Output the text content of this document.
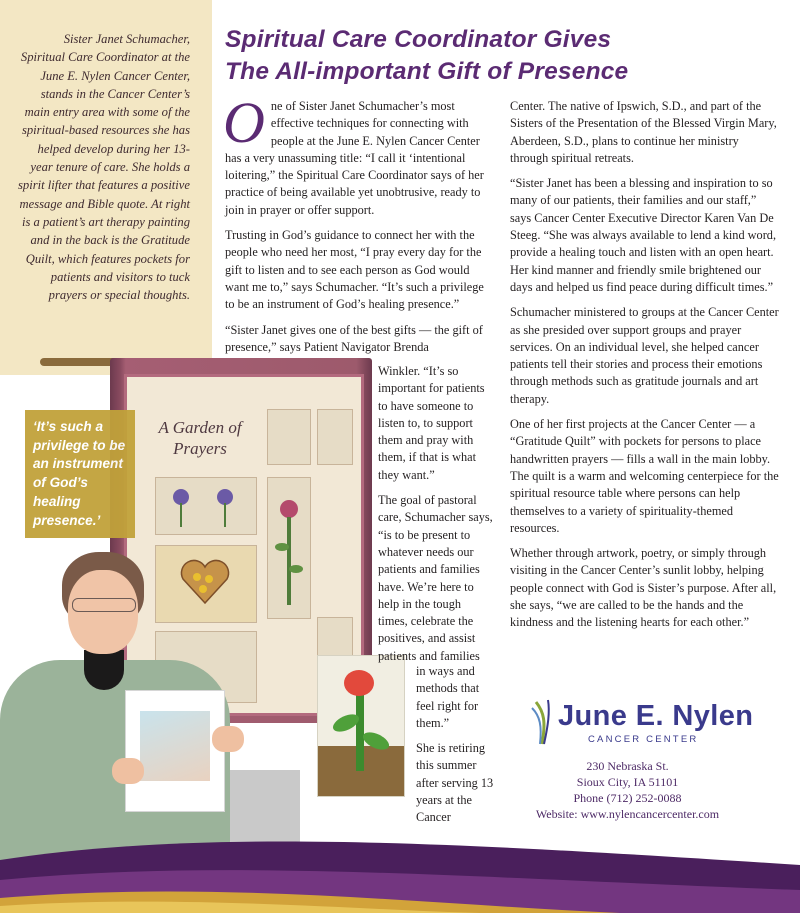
Sister Janet Schumacher, Spiritual Care Coordinator at the June E. Nylen Cancer Center, stands in the Cancer Center’s main entry area with some of the spiritual-based resources she has helped develop during her 13-year tenure of care. She holds a spirit lifter that features a positive message and Bible quote. At right is a patient’s art therapy painting and in the back is the Gratitude Quilt, which features pockets for patients and visitors to tuck prayers or special thoughts.
Spiritual Care Coordinator Gives
The All-important Gift of Presence
A Garden of Prayers
‘It’s such a privilege to be an instrument of God’s healing presence.’

One of Sister Janet Schumacher’s most effective techniques for connecting with people at the June E. Nylen Cancer Center has a very unassuming title: “I call it ‘intentional loitering,” the Spiritual Care Coordinator says of her practice of being available yet unobtrusive, ready to join in prayer or offer support.

Trusting in God’s guidance to connect her with the people who need her most, “I pray every day for the gift to listen and to see each person as God would want me to,” says Schumacher. “It’s such a privilege to be an instrument of God’s healing presence.”

“Sister Janet gives one of the best gifts — the gift of presence,” says Patient Navigator Brenda

Winkler. “It’s so important for patients to have someone to listen to, to support them and pray with them, if that is what they want.”

The goal of pastoral care, Schumacher says, “is to be present to whatever needs our patients and families have. We’re here to help in the tough times, celebrate the positives, and assist patients and families

in ways and methods that feel right for them.”

She is retiring this summer after serving 13 years at the Cancer

Center. The native of Ipswich, S.D., and part of the Sisters of the Presentation of the Blessed Virgin Mary, Aberdeen, S.D., plans to continue her ministry through spiritual retreats.

“Sister Janet has been a blessing and inspiration to so many of our patients, their families and our staff,” says Cancer Center Executive Director Karen Van De Steeg. “She was always available to lend a kind word, provide a healing touch and listen with an open heart. Her kind manner and friendly smile brightened our days and helped us find peace during difficult times.”

Schumacher ministered to groups at the Cancer Center as she presided over support groups and prayer services. On an individual level, she helped cancer patients tell their stories and process their emotions through methods such as gratitude journals and art therapy.

One of her first projects at the Cancer Center — a “Gratitude Quilt” with pockets for persons to place handwritten prayers — fills a wall in the main lobby. The quilt is a warm and welcoming centerpiece for the spiritual resource table where persons can help themselves to a variety of spirituality-themed resources.

Whether through artwork, poetry, or simply through visiting in the Cancer Center’s sunlit lobby, helping people connect with God is Sister’s purpose. After all, she says, “we are called to be the hands and the kindness and the listening hearts for each other.”

June E. Nylen
CANCER CENTER
230 Nebraska St.
Sioux City, IA 51101
Phone (712) 252-0088
Website: www.nylencancercenter.com
